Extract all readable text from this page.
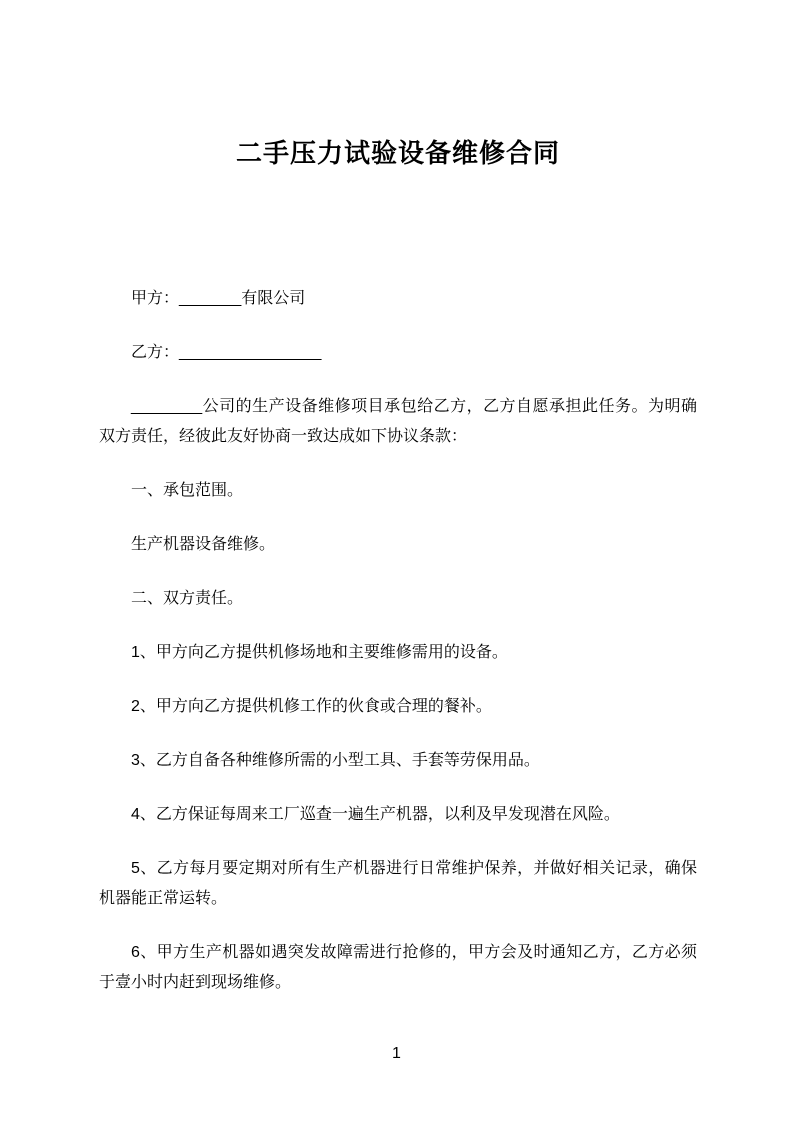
二手压力试验设备维修合同

甲方：_______有限公司

乙方：________________

________公司的生产设备维修项目承包给乙方，乙方自愿承担此任务。为明确双方责任，经彼此友好协商一致达成如下协议条款：

一、承包范围。

生产机器设备维修。

二、双方责任。

1、甲方向乙方提供机修场地和主要维修需用的设备。

2、甲方向乙方提供机修工作的伙食或合理的餐补。

3、乙方自备各种维修所需的小型工具、手套等劳保用品。

4、乙方保证每周来工厂巡查一遍生产机器，以利及早发现潜在风险。

5、乙方每月要定期对所有生产机器进行日常维护保养，并做好相关记录，确保机器能正常运转。

6、甲方生产机器如遇突发故障需进行抢修的，甲方会及时通知乙方，乙方必须于壹小时内赶到现场维修。

1
